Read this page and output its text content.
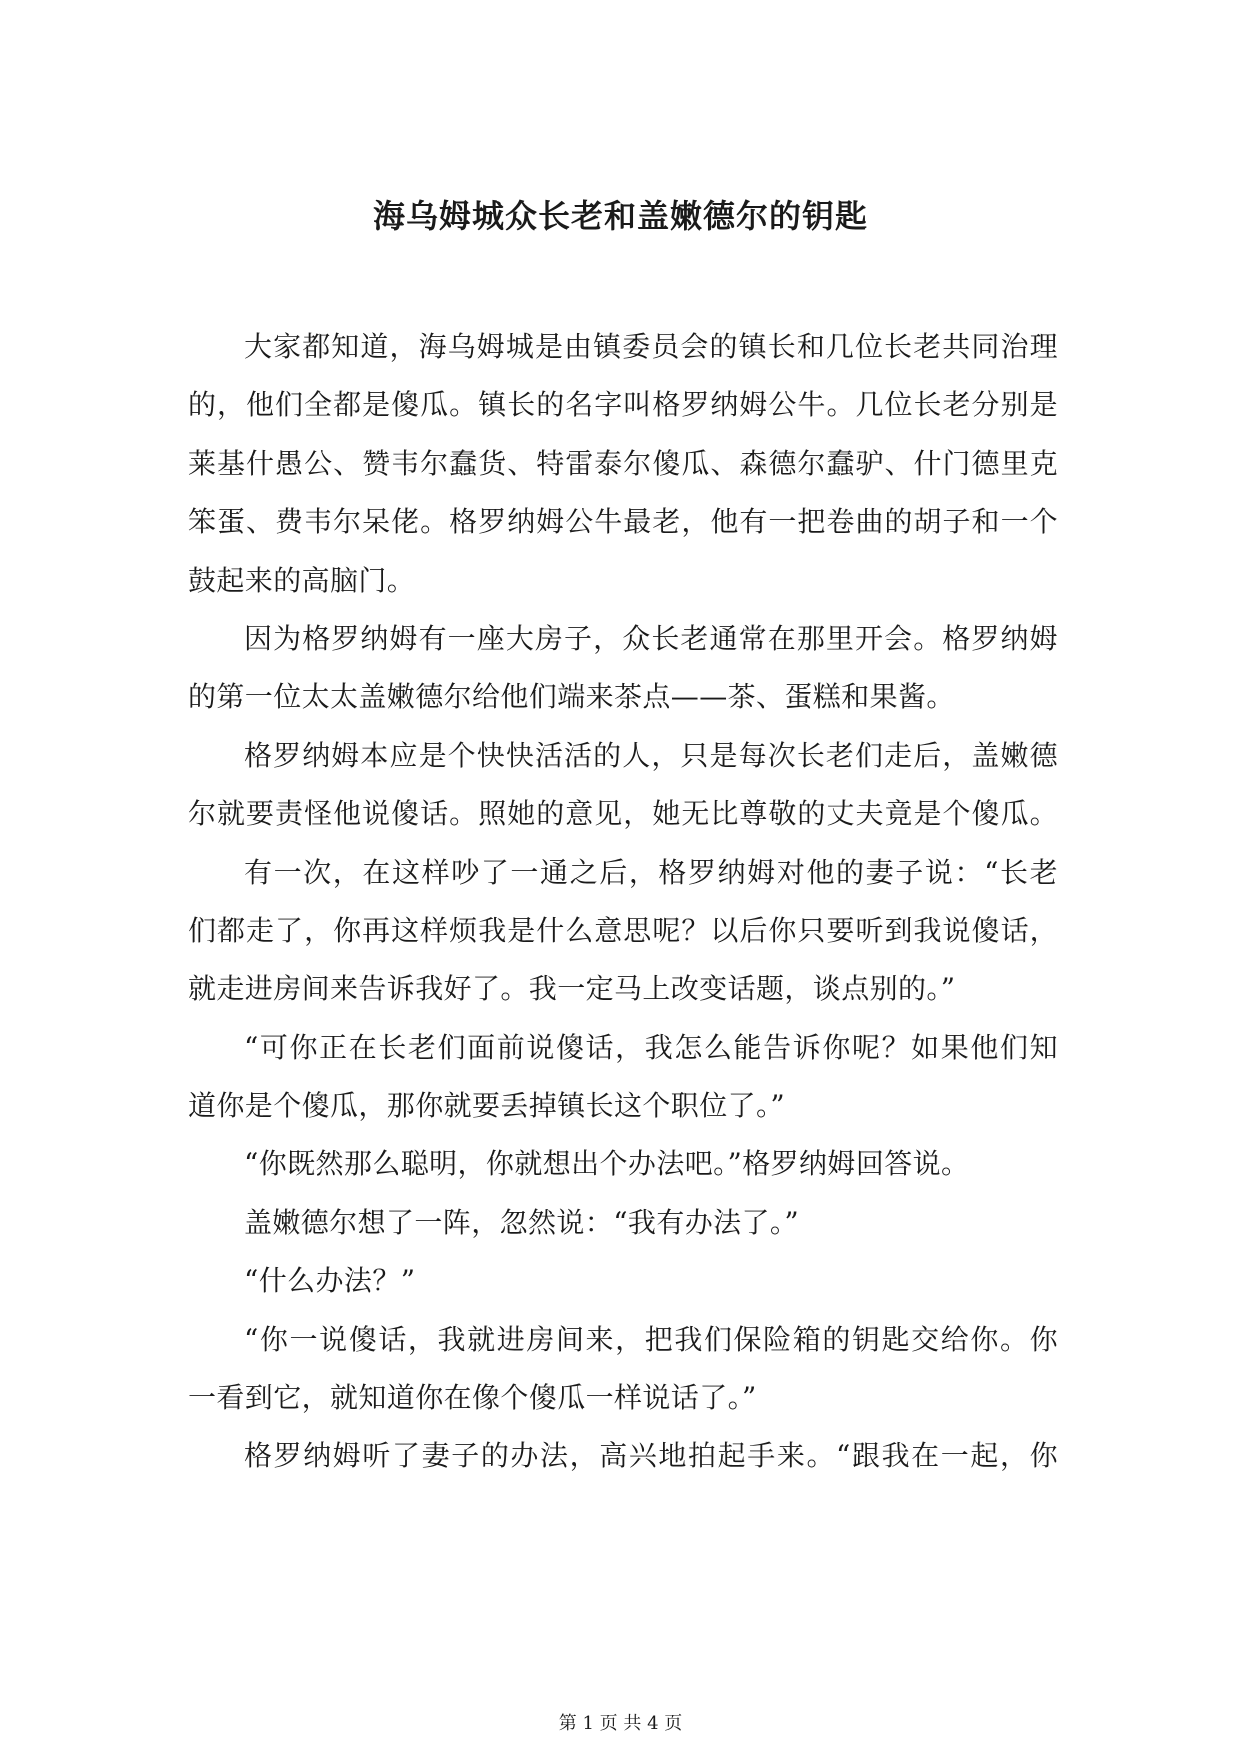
海乌姆城众长老和盖嫩德尔的钥匙
大家都知道，海乌姆城是由镇委员会的镇长和几位长老共同治理
的，他们全都是傻瓜。镇长的名字叫格罗纳姆公牛。几位长老分别是
莱基什愚公、赞韦尔蠢货、特雷泰尔傻瓜、森德尔蠢驴、什门德里克
笨蛋、费韦尔呆佬。格罗纳姆公牛最老，他有一把卷曲的胡子和一个
鼓起来的高脑门。
因为格罗纳姆有一座大房子，众长老通常在那里开会。格罗纳姆
的第一位太太盖嫩德尔给他们端来茶点——茶、蛋糕和果酱。
格罗纳姆本应是个快快活活的人，只是每次长老们走后，盖嫩德
尔就要责怪他说傻话。照她的意见，她无比尊敬的丈夫竟是个傻瓜。
有一次，在这样吵了一通之后，格罗纳姆对他的妻子说：“长老
们都走了，你再这样烦我是什么意思呢？以后你只要听到我说傻话，
就走进房间来告诉我好了。我一定马上改变话题，谈点别的。”
“可你正在长老们面前说傻话，我怎么能告诉你呢？如果他们知
道你是个傻瓜，那你就要丢掉镇长这个职位了。”
“你既然那么聪明，你就想出个办法吧。”格罗纳姆回答说。
盖嫩德尔想了一阵，忽然说：“我有办法了。”
“什么办法？”
“你一说傻话，我就进房间来，把我们保险箱的钥匙交给你。你
一看到它，就知道你在像个傻瓜一样说话了。”
格罗纳姆听了妻子的办法，高兴地拍起手来。“跟我在一起，你
第 1 页 共 4 页
